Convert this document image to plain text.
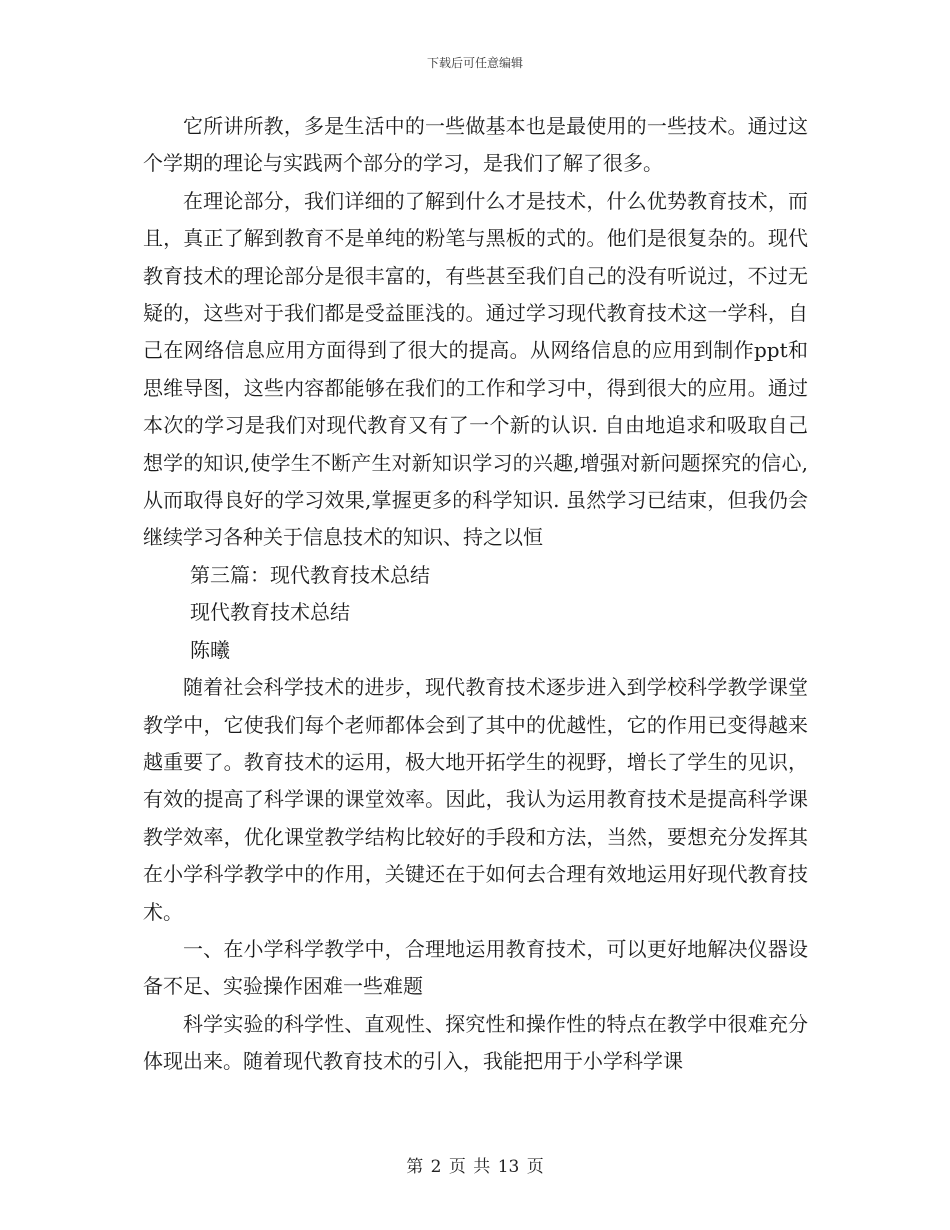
下载后可任意编辑

它所讲所教，多是生活中的一些做基本也是最使用的一些技术。通过这个学期的理论与实践两个部分的学习，是我们了解了很多。

在理论部分，我们详细的了解到什么才是技术，什么优势教育技术，而且，真正了解到教育不是单纯的粉笔与黑板的式的。他们是很复杂的。现代教育技术的理论部分是很丰富的，有些甚至我们自己的没有听说过，不过无疑的，这些对于我们都是受益匪浅的。通过学习现代教育技术这一学科，自己在网络信息应用方面得到了很大的提高。从网络信息的应用到制作ppt和思维导图，这些内容都能够在我们的工作和学习中，得到很大的应用。通过本次的学习是我们对现代教育又有了一个新的认识. 自由地追求和吸取自己想学的知识,使学生不断产生对新知识学习的兴趣,增强对新问题探究的信心,从而取得良好的学习效果,掌握更多的科学知识. 虽然学习已结束，但我仍会继续学习各种关于信息技术的知识、持之以恒

第三篇：现代教育技术总结

现代教育技术总结

陈曦

随着社会科学技术的进步，现代教育技术逐步进入到学校科学教学课堂教学中，它使我们每个老师都体会到了其中的优越性，它的作用已变得越来越重要了。教育技术的运用，极大地开拓学生的视野，增长了学生的见识，有效的提高了科学课的课堂效率。因此，我认为运用教育技术是提高科学课教学效率，优化课堂教学结构比较好的手段和方法，当然，要想充分发挥其在小学科学教学中的作用，关键还在于如何去合理有效地运用好现代教育技术。

一、在小学科学教学中，合理地运用教育技术，可以更好地解决仪器设备不足、实验操作困难一些难题

科学实验的科学性、直观性、探究性和操作性的特点在教学中很难充分体现出来。随着现代教育技术的引入，我能把用于小学科学课

第 2 页 共 13 页
